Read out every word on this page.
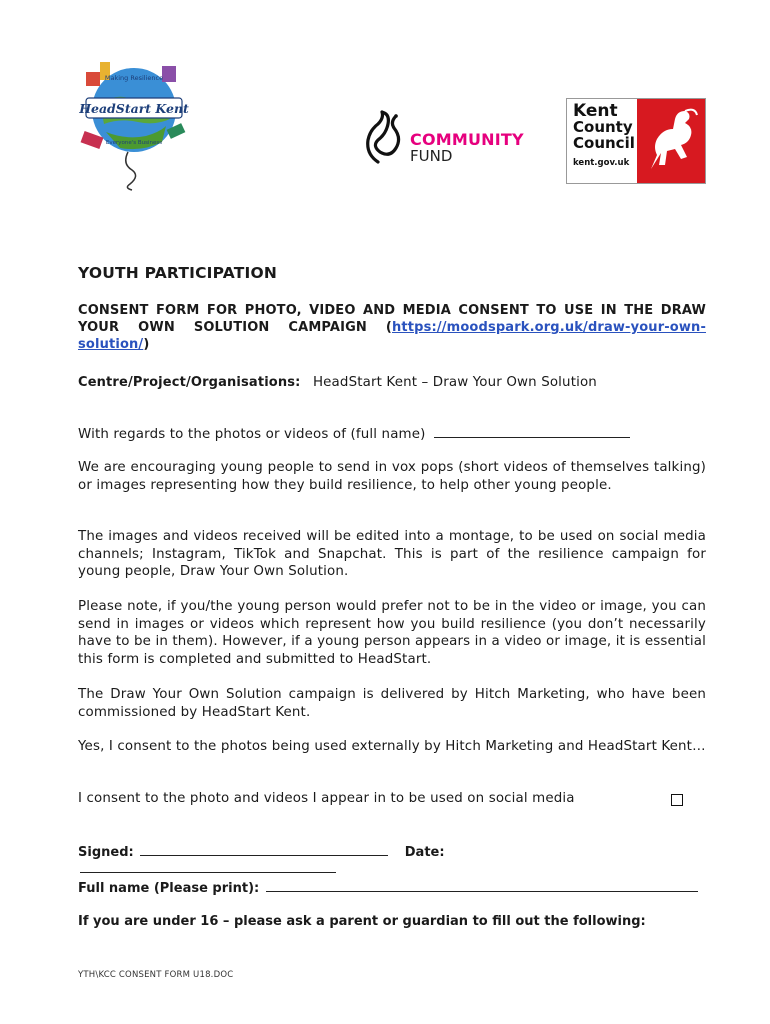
Making Resilience
HeadStart Kent
Everyone's Business	COMMUNITY
FUND
Kent
County
Council
kent.gov.uk
YOUTH PARTICIPATION
CONSENT FORM FOR PHOTO, VIDEO AND MEDIA CONSENT TO USE IN THE DRAW YOUR OWN SOLUTION CAMPAIGN (https://moodspark.org.uk/draw-your-own-solution/)
Centre/Project/Organisations: HeadStart Kent – Draw Your Own Solution
With regards to the photos or videos of (full name)
We are encouraging young people to send in vox pops (short videos of themselves talking) or images representing how they build resilience, to help other young people.
The images and videos received will be edited into a montage, to be used on social media channels; Instagram, TikTok and Snapchat. This is part of the resilience campaign for young people, Draw Your Own Solution.
Please note, if you/the young person would prefer not to be in the video or image, you can send in images or videos which represent how you build resilience (you don’t necessarily have to be in them). However, if a young person appears in a video or image, it is essential this form is completed and submitted to HeadStart.
The Draw Your Own Solution campaign is delivered by Hitch Marketing, who have been commissioned by HeadStart Kent.
Yes, I consent to the photos being used externally by Hitch Marketing and HeadStart Kent…
I consent to the photo and videos I appear in to be used on social media
Signed:	Date:
Full name (Please print):
If you are under 16 – please ask a parent or guardian to fill out the following:
YTH\KCC CONSENT FORM U18.DOC
